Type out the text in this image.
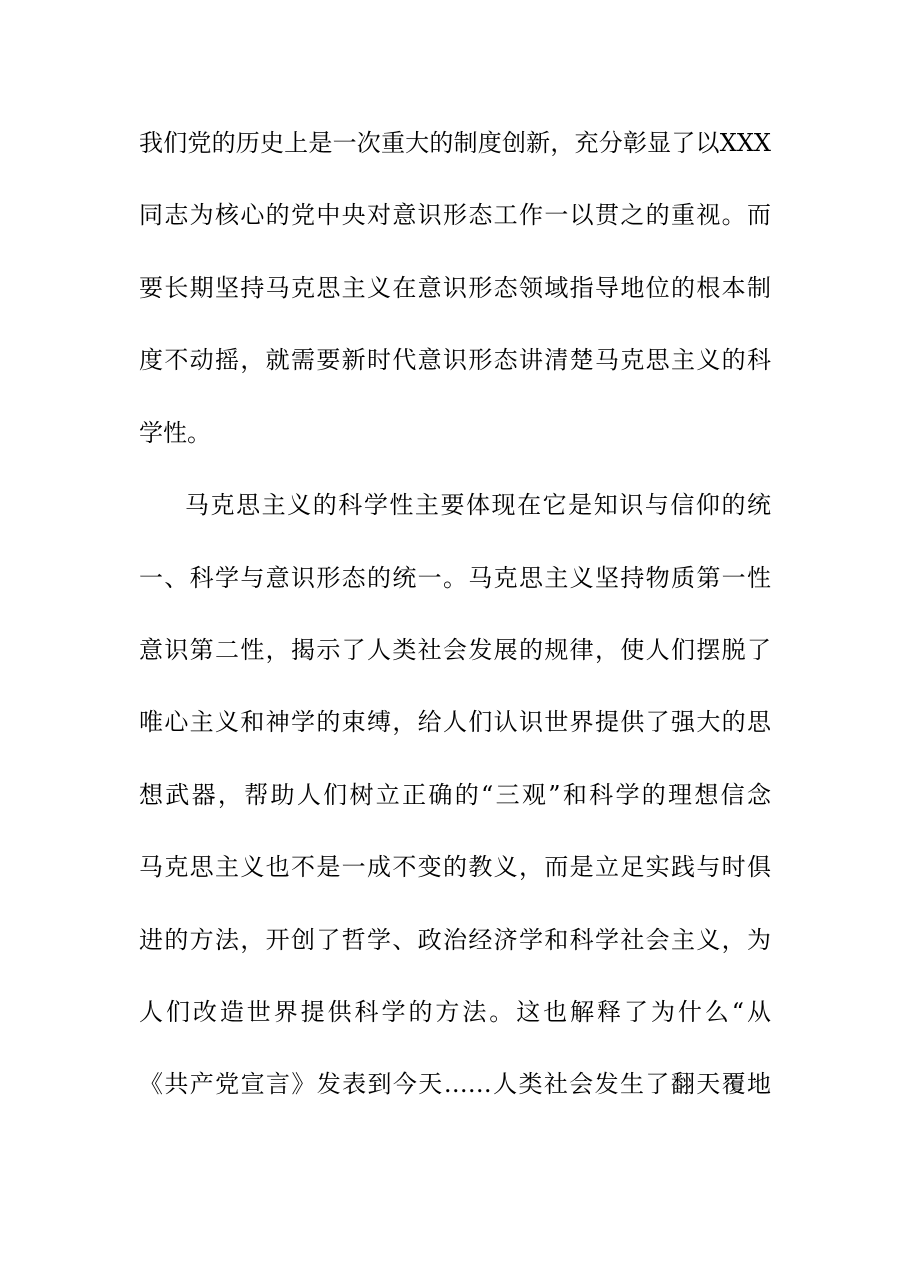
我们党的历史上是一次重大的制度创新，充分彰显了以XXX
同志为核心的党中央对意识形态工作一以贯之的重视。而
要长期坚持马克思主义在意识形态领域指导地位的根本制
度不动摇，就需要新时代意识形态讲清楚马克思主义的科
学性。
马克思主义的科学性主要体现在它是知识与信仰的统
一、科学与意识形态的统一。马克思主义坚持物质第一性
意识第二性，揭示了人类社会发展的规律，使人们摆脱了
唯心主义和神学的束缚，给人们认识世界提供了强大的思
想武器，帮助人们树立正确的“三观”和科学的理想信念
马克思主义也不是一成不变的教义，而是立足实践与时俱
进的方法，开创了哲学、政治经济学和科学社会主义，为
人们改造世界提供科学的方法。这也解释了为什么“从
《共产党宣言》发表到今天……人类社会发生了翻天覆地
